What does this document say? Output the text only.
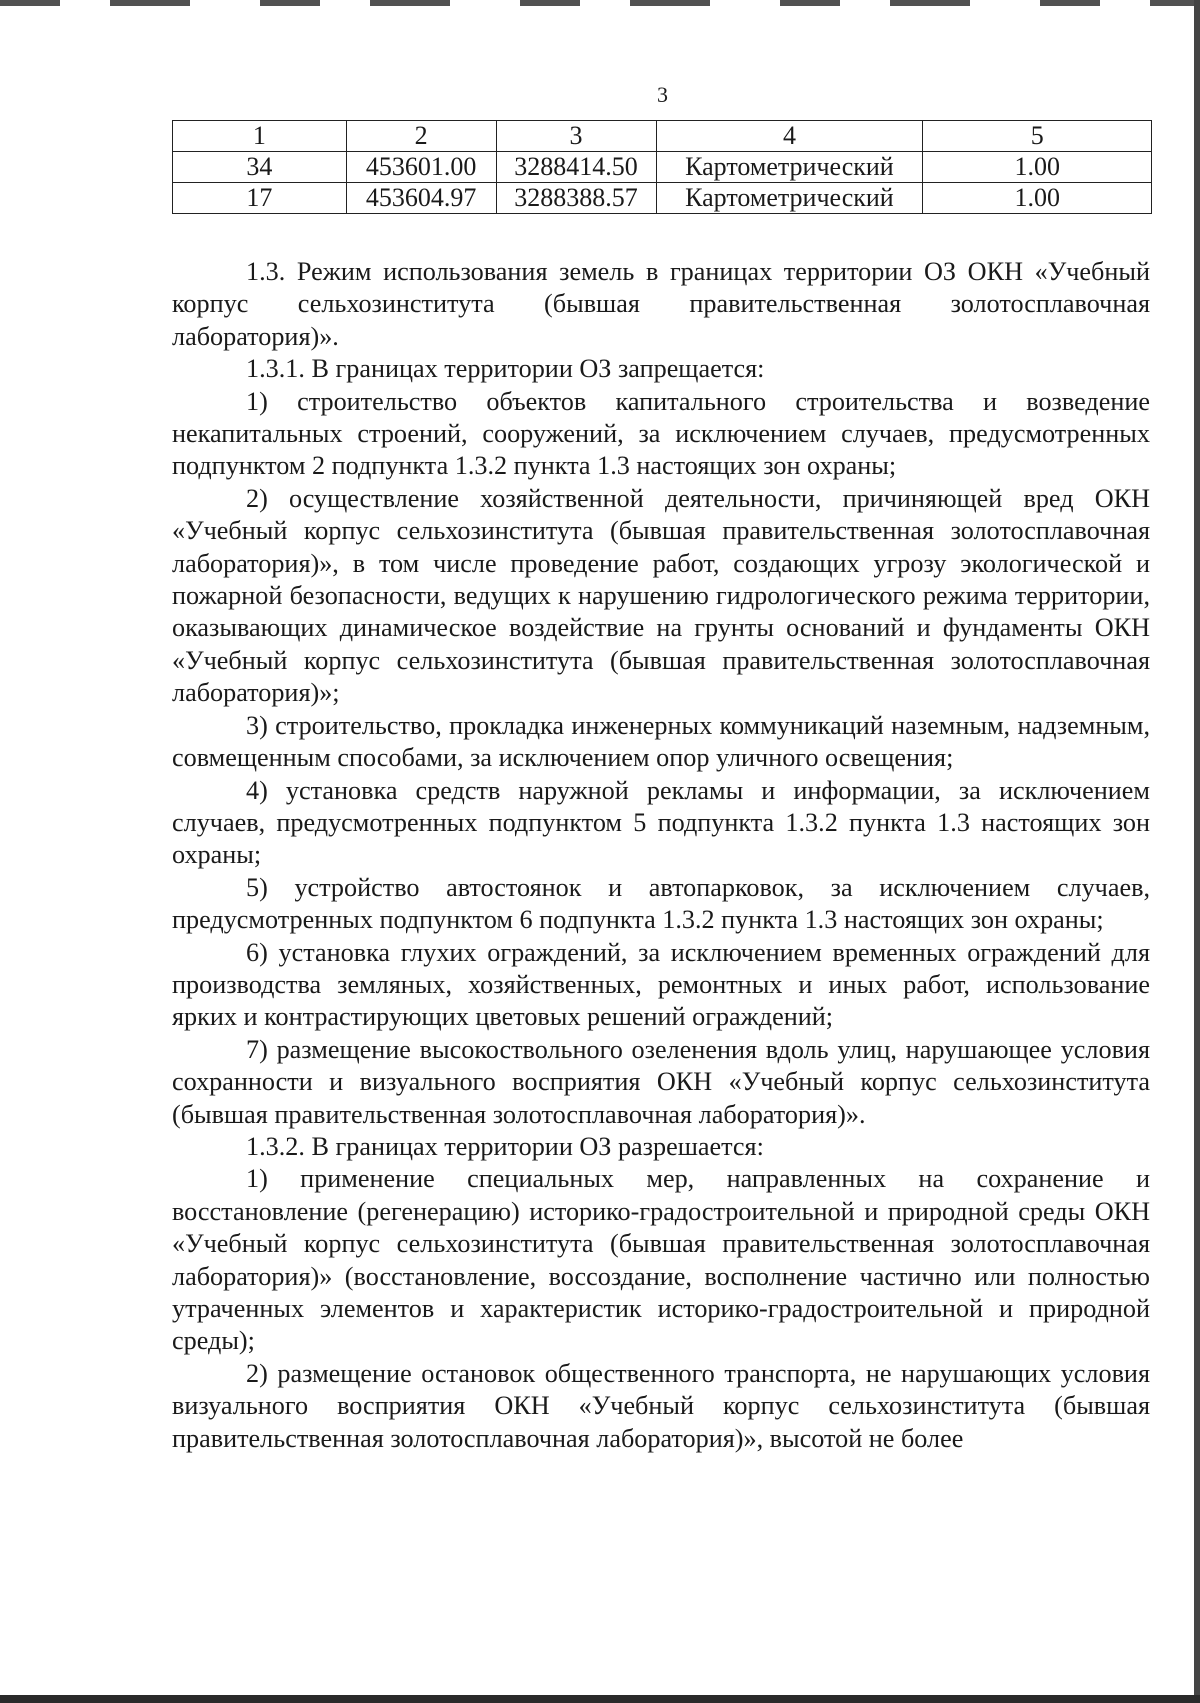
3
1	2	3	4	5
34	453601.00	3288414.50	Картометрический	1.00
17	453604.97	3288388.57	Картометрический	1.00

1.3. Режим использования земель в границах территории ОЗ ОКН «Учебный корпус сельхозинститута (бывшая правительственная золотосплавочная лаборатория)».

1.3.1. В границах территории ОЗ запрещается:

1) строительство объектов капитального строительства и возведение некапитальных строений, сооружений, за исключением случаев, предусмотренных подпунктом 2 подпункта 1.3.2 пункта 1.3 настоящих зон охраны;

2) осуществление хозяйственной деятельности, причиняющей вред ОКН «Учебный корпус сельхозинститута (бывшая правительственная золотосплавочная лаборатория)», в том числе проведение работ, создающих угрозу экологической и пожарной безопасности, ведущих к нарушению гидрологического режима территории, оказывающих динамическое воздействие на грунты оснований и фундаменты ОКН «Учебный корпус сельхозинститута (бывшая правительственная золотосплавочная лаборатория)»;

3) строительство, прокладка инженерных коммуникаций наземным, надземным, совмещенным способами, за исключением опор уличного освещения;

4) установка средств наружной рекламы и информации, за исключением случаев, предусмотренных подпунктом 5 подпункта 1.3.2 пункта 1.3 настоящих зон охраны;

5) устройство автостоянок и автопарковок, за исключением случаев, предусмотренных подпунктом 6 подпункта 1.3.2 пункта 1.3 настоящих зон охраны;

6) установка глухих ограждений, за исключением временных ограждений для производства земляных, хозяйственных, ремонтных и иных работ, использование ярких и контрастирующих цветовых решений ограждений;

7) размещение высокоствольного озеленения вдоль улиц, нарушающее условия сохранности и визуального восприятия ОКН «Учебный корпус сельхозинститута (бывшая правительственная золотосплавочная лаборатория)».

1.3.2. В границах территории ОЗ разрешается:

1) применение специальных мер, направленных на сохранение и восстановление (регенерацию) историко-градостроительной и природной среды ОКН «Учебный корпус сельхозинститута (бывшая правительственная золотосплавочная лаборатория)» (восстановление, воссоздание, восполнение частично или полностью утраченных элементов и характеристик историко-градостроительной и природной среды);

2) размещение остановок общественного транспорта, не нарушающих условия визуального восприятия ОКН «Учебный корпус сельхозинститута (бывшая правительственная золотосплавочная лаборатория)», высотой не более
